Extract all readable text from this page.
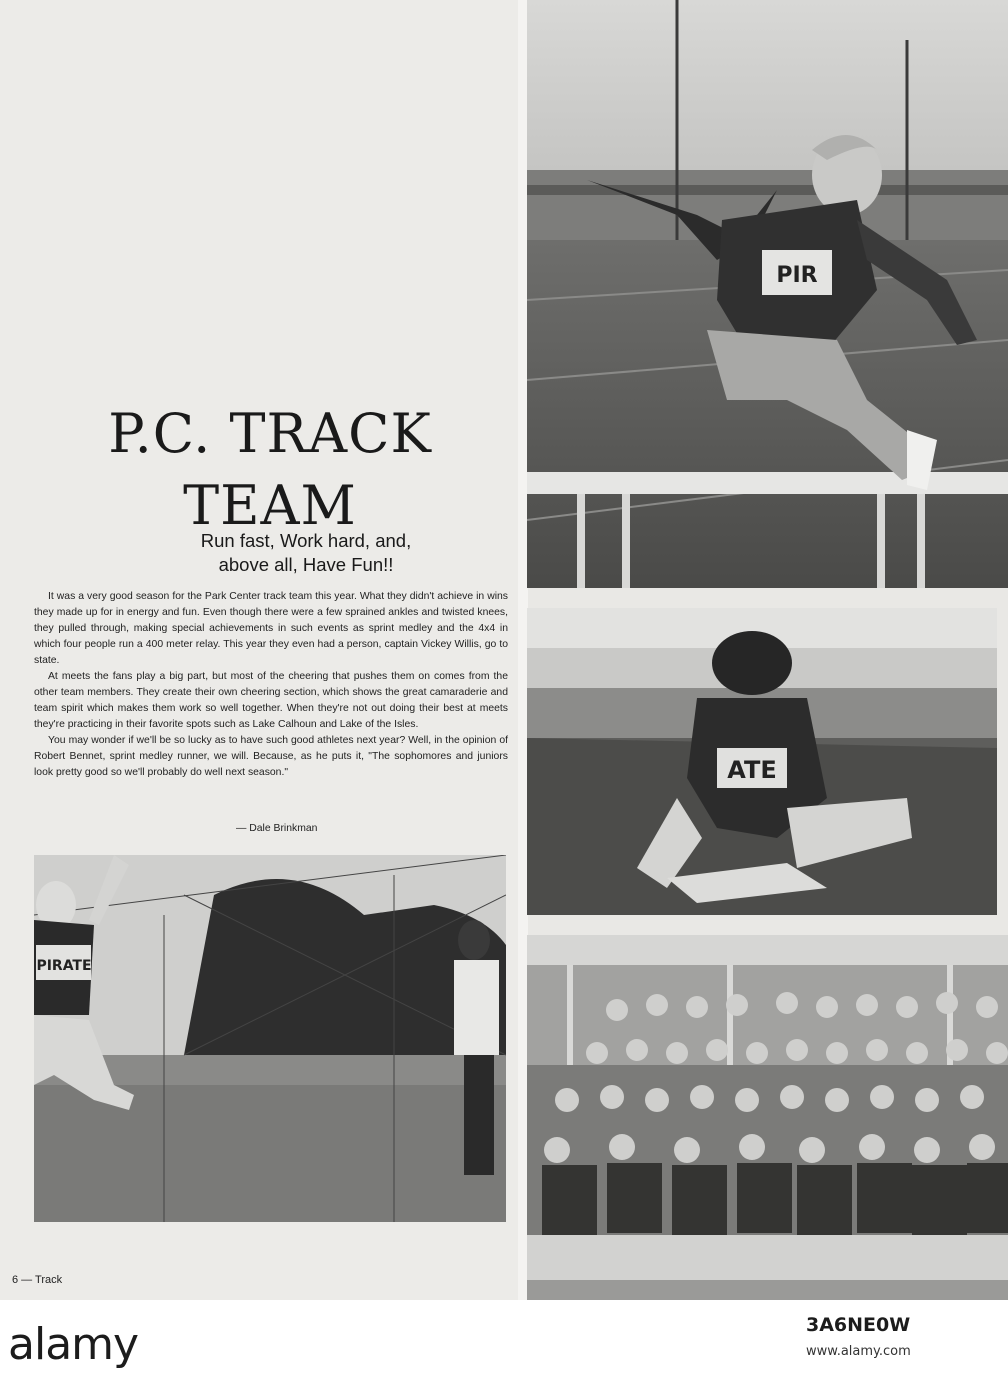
PIR
ATE
PIRATE
P.C. TRACK
TEAM
Run fast, Work hard, and,
above all, Have Fun!!

It was a very good season for the Park Center track team this year. What they didn't achieve in wins they made up for in energy and fun. Even though there were a few sprained ankles and twisted knees, they pulled through, making special achievements in such events as sprint medley and the 4x4 in which four people run a 400 meter relay. This year they even had a person, captain Vickey Willis, go to state.

At meets the fans play a big part, but most of the cheering that pushes them on comes from the other team members. They create their own cheering section, which shows the great camaraderie and team spirit which makes them work so well together. When they're not out doing their best at meets they're practicing in their favorite spots such as Lake Calhoun and Lake of the Isles.

You may wonder if we'll be so lucky as to have such good athletes next year? Well, in the opinion of Robert Bennet, sprint medley runner, we will. Because, as he puts it, "The sophomores and juniors look pretty good so we'll probably do well next season."

— Dale Brinkman
6 — Track
alamy	3A6NE0W
www.alamy.com
